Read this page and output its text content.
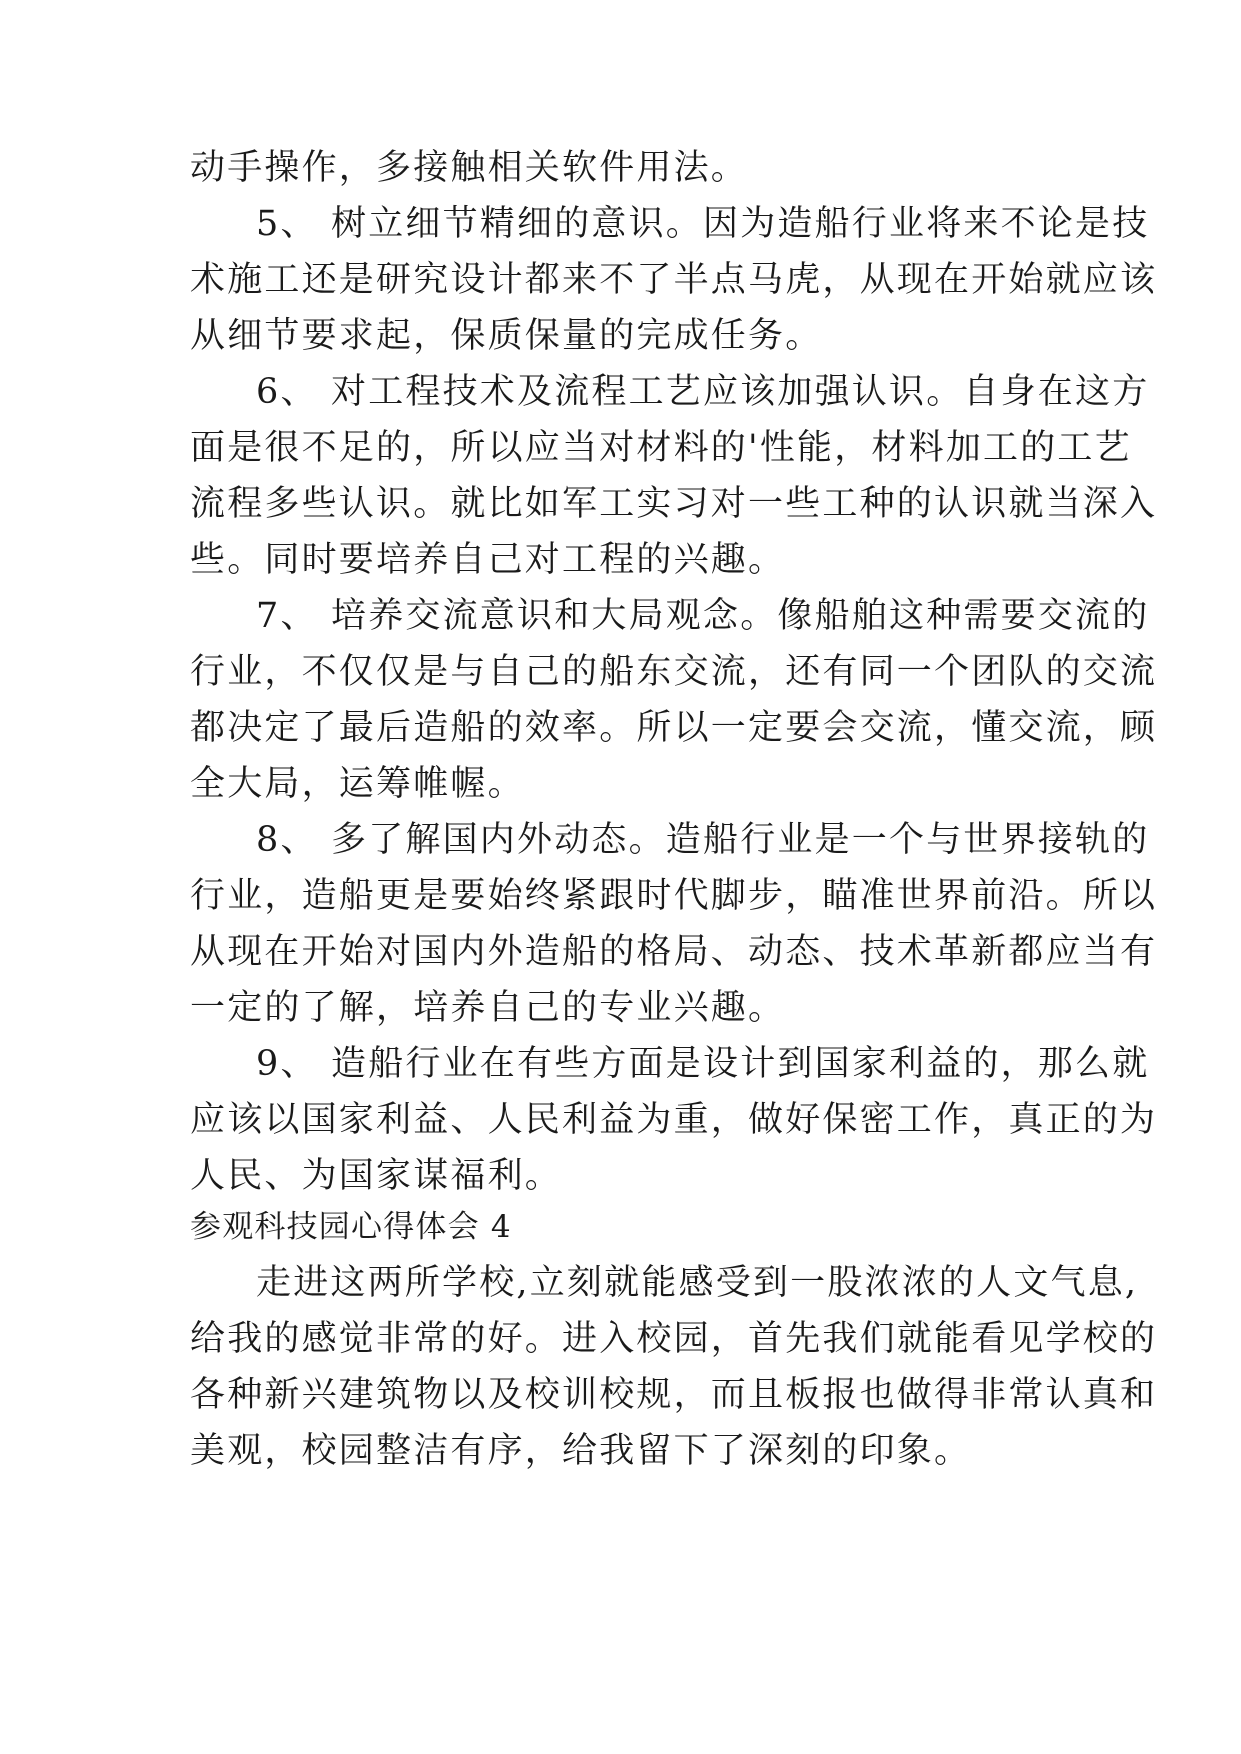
动手操作，多接触相关软件用法。
5、 树立细节精细的意识。因为造船行业将来不论是技
术施工还是研究设计都来不了半点马虎，从现在开始就应该
从细节要求起，保质保量的完成任务。
6、 对工程技术及流程工艺应该加强认识。自身在这方
面是很不足的，所以应当对材料的'性能，材料加工的工艺
流程多些认识。就比如军工实习对一些工种的认识就当深入
些。同时要培养自己对工程的兴趣。
7、 培养交流意识和大局观念。像船舶这种需要交流的
行业，不仅仅是与自己的船东交流，还有同一个团队的交流
都决定了最后造船的效率。所以一定要会交流，懂交流，顾
全大局，运筹帷幄。
8、 多了解国内外动态。造船行业是一个与世界接轨的
行业，造船更是要始终紧跟时代脚步，瞄准世界前沿。所以
从现在开始对国内外造船的格局、动态、技术革新都应当有
一定的了解，培养自己的专业兴趣。
9、 造船行业在有些方面是设计到国家利益的，那么就
应该以国家利益、人民利益为重，做好保密工作，真正的为
人民、为国家谋福利。
参观科技园心得体会 4
走进这两所学校,立刻就能感受到一股浓浓的人文气息,
给我的感觉非常的好。进入校园，首先我们就能看见学校的
各种新兴建筑物以及校训校规，而且板报也做得非常认真和
美观，校园整洁有序，给我留下了深刻的印象。
